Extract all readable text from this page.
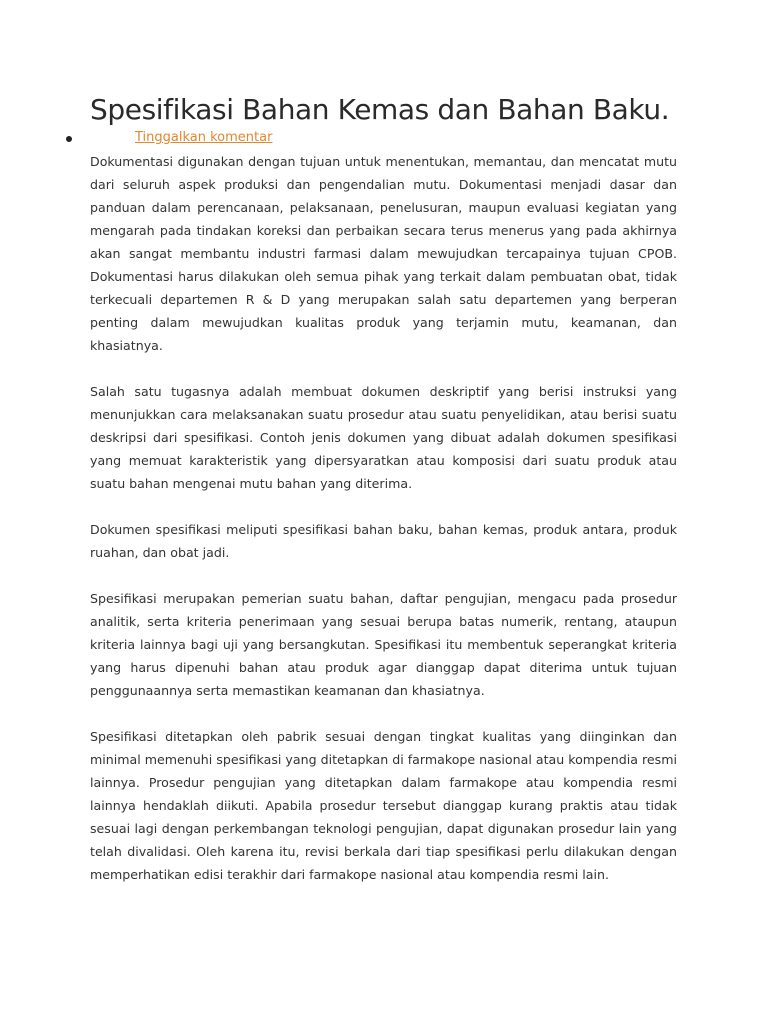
Spesifikasi Bahan Kemas dan Bahan Baku.
Tinggalkan komentar

Dokumentasi digunakan dengan tujuan untuk menentukan, memantau, dan mencatat mutu dari seluruh aspek produksi dan pengendalian mutu. Dokumentasi menjadi dasar dan panduan dalam perencanaan, pelaksanaan, penelusuran, maupun evaluasi kegiatan yang mengarah pada tindakan koreksi dan perbaikan secara terus menerus yang pada akhirnya akan sangat membantu industri farmasi dalam mewujudkan tercapainya tujuan CPOB. Dokumentasi harus dilakukan oleh semua pihak yang terkait dalam pembuatan obat, tidak terkecuali departemen R & D yang merupakan salah satu departemen yang berperan penting dalam mewujudkan kualitas produk yang terjamin mutu, keamanan, dan khasiatnya.

Salah satu tugasnya adalah membuat dokumen deskriptif yang berisi instruksi yang menunjukkan cara melaksanakan suatu prosedur atau suatu penyelidikan, atau berisi suatu deskripsi dari spesifikasi. Contoh jenis dokumen yang dibuat adalah dokumen spesifikasi yang memuat karakteristik yang dipersyaratkan atau komposisi dari suatu produk atau suatu bahan mengenai mutu bahan yang diterima.

Dokumen spesifikasi meliputi spesifikasi bahan baku, bahan kemas, produk antara, produk ruahan, dan obat jadi.

Spesifikasi merupakan pemerian suatu bahan, daftar pengujian, mengacu pada prosedur analitik, serta kriteria penerimaan yang sesuai berupa batas numerik, rentang, ataupun kriteria lainnya bagi uji yang bersangkutan. Spesifikasi itu membentuk seperangkat kriteria yang harus dipenuhi bahan atau produk agar dianggap dapat diterima untuk tujuan penggunaannya serta memastikan keamanan dan khasiatnya.

Spesifikasi ditetapkan oleh pabrik sesuai dengan tingkat kualitas yang diinginkan dan minimal memenuhi spesifikasi yang ditetapkan di farmakope nasional atau kompendia resmi lainnya. Prosedur pengujian yang ditetapkan dalam farmakope atau kompendia resmi lainnya hendaklah diikuti. Apabila prosedur tersebut dianggap kurang praktis atau tidak sesuai lagi dengan perkembangan teknologi pengujian, dapat digunakan prosedur lain yang telah divalidasi. Oleh karena itu, revisi berkala dari tiap spesifikasi perlu dilakukan dengan memperhatikan edisi terakhir dari farmakope nasional atau kompendia resmi lain.
